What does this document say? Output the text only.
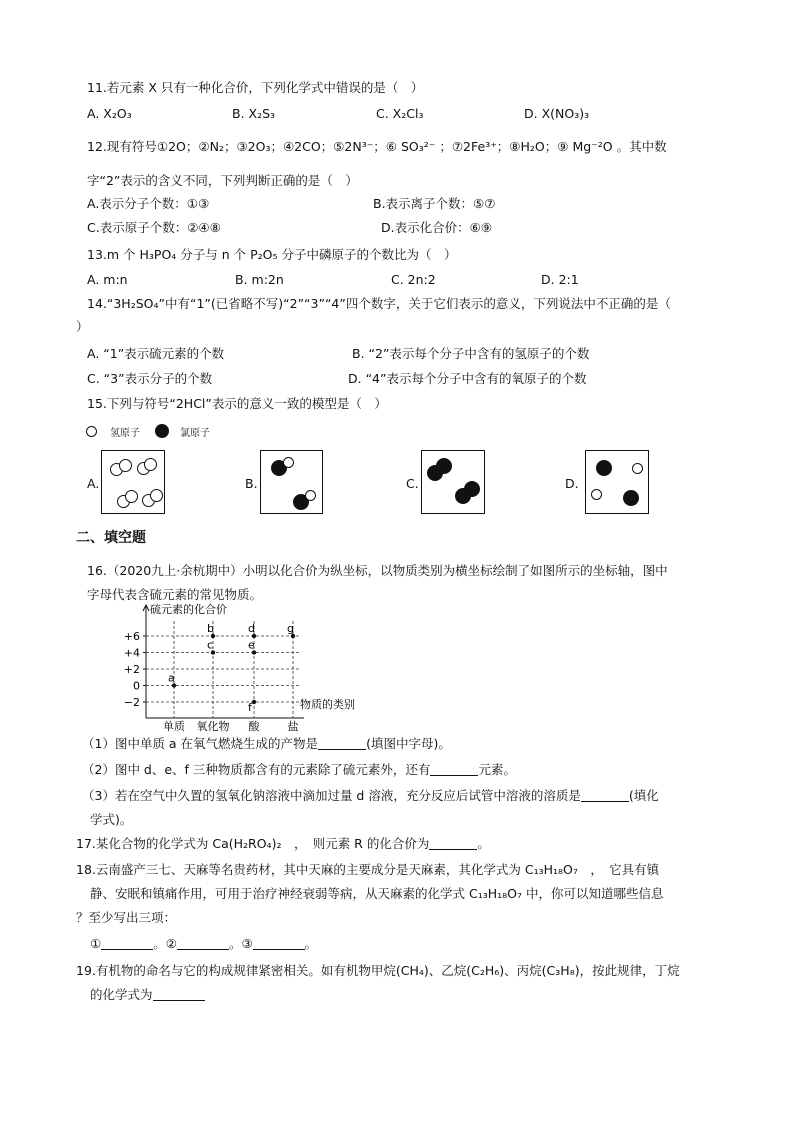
11.若元素 X 只有一种化合价，下列化学式中错误的是（　）
A. X₂O₃	B. X₂S₃	C. X₂Cl₃	D. X(NO₃)₃
12.现有符号①2O；②N₂；③2O₃；④2CO；⑤2N³⁻；⑥ SO₃²⁻ ；⑦2Fe³⁺；⑧H₂O；⑨ Mg⁻²O 。其中数
字“2”表示的含义不同，下列判断正确的是（　）
A.表示分子个数：①③	B.表示离子个数：⑤⑦
C.表示原子个数：②④⑧	D.表示化合价：⑥⑨
13.m 个 H₃PO₄ 分子与 n 个 P₂O₅ 分子中磷原子的个数比为（　）
A. m:n	B. m:2n	C. 2n:2	D. 2:1
14.“3H₂SO₄”中有“1”(已省略不写)“2”“3”“4”四个数字，关于它们表示的意义，下列说法中不正确的是（
）
A. “1”表示硫元素的个数	B. “2”表示每个分子中含有的氢原子的个数
C. “3”表示分子的个数	D. “4”表示每个分子中含有的氧原子的个数
15.下列与符号“2HCl”表示的意义一致的模型是（　）
氢原子	氯原子
A.	B.	C.	D.
二、填空题
16.（2020九上·余杭期中）小明以化合价为纵坐标，以物质类别为横坐标绘制了如图所示的坐标轴，图中
字母代表含硫元素的常见物质。
硫元素的化合价
物质的类别
+6
+4
+2
0
−2
单质 氧化物 酸	盐
a
b
c
d
e
f
g
（1）图中单质 a 在氧气燃烧生成的产物是	(填图中字母)。
（2）图中 d、e、f 三种物质都含有的元素除了硫元素外，还有	元素。
（3）若在空气中久置的氢氧化钠溶液中滴加过量 d 溶液，充分反应后试管中溶液的溶质是	(填化
学式)。
17.某化合物的化学式为 Ca(H₂RO₄)₂　，　则元素 R 的化合价为	。
18.云南盛产三七、天麻等名贵药材，其中天麻的主要成分是天麻素，其化学式为 C₁₃H₁₈O₇　，　它具有镇
静、安眠和镇痛作用，可用于治疗神经衰弱等病，从天麻素的化学式 C₁₃H₁₈O₇ 中，你可以知道哪些信息
？至少写出三项：
①	。②	。③	。
19.有机物的命名与它的构成规律紧密相关。如有机物甲烷(CH₄)、乙烷(C₂H₆)、丙烷(C₃H₈)，按此规律，丁烷
的化学式为
